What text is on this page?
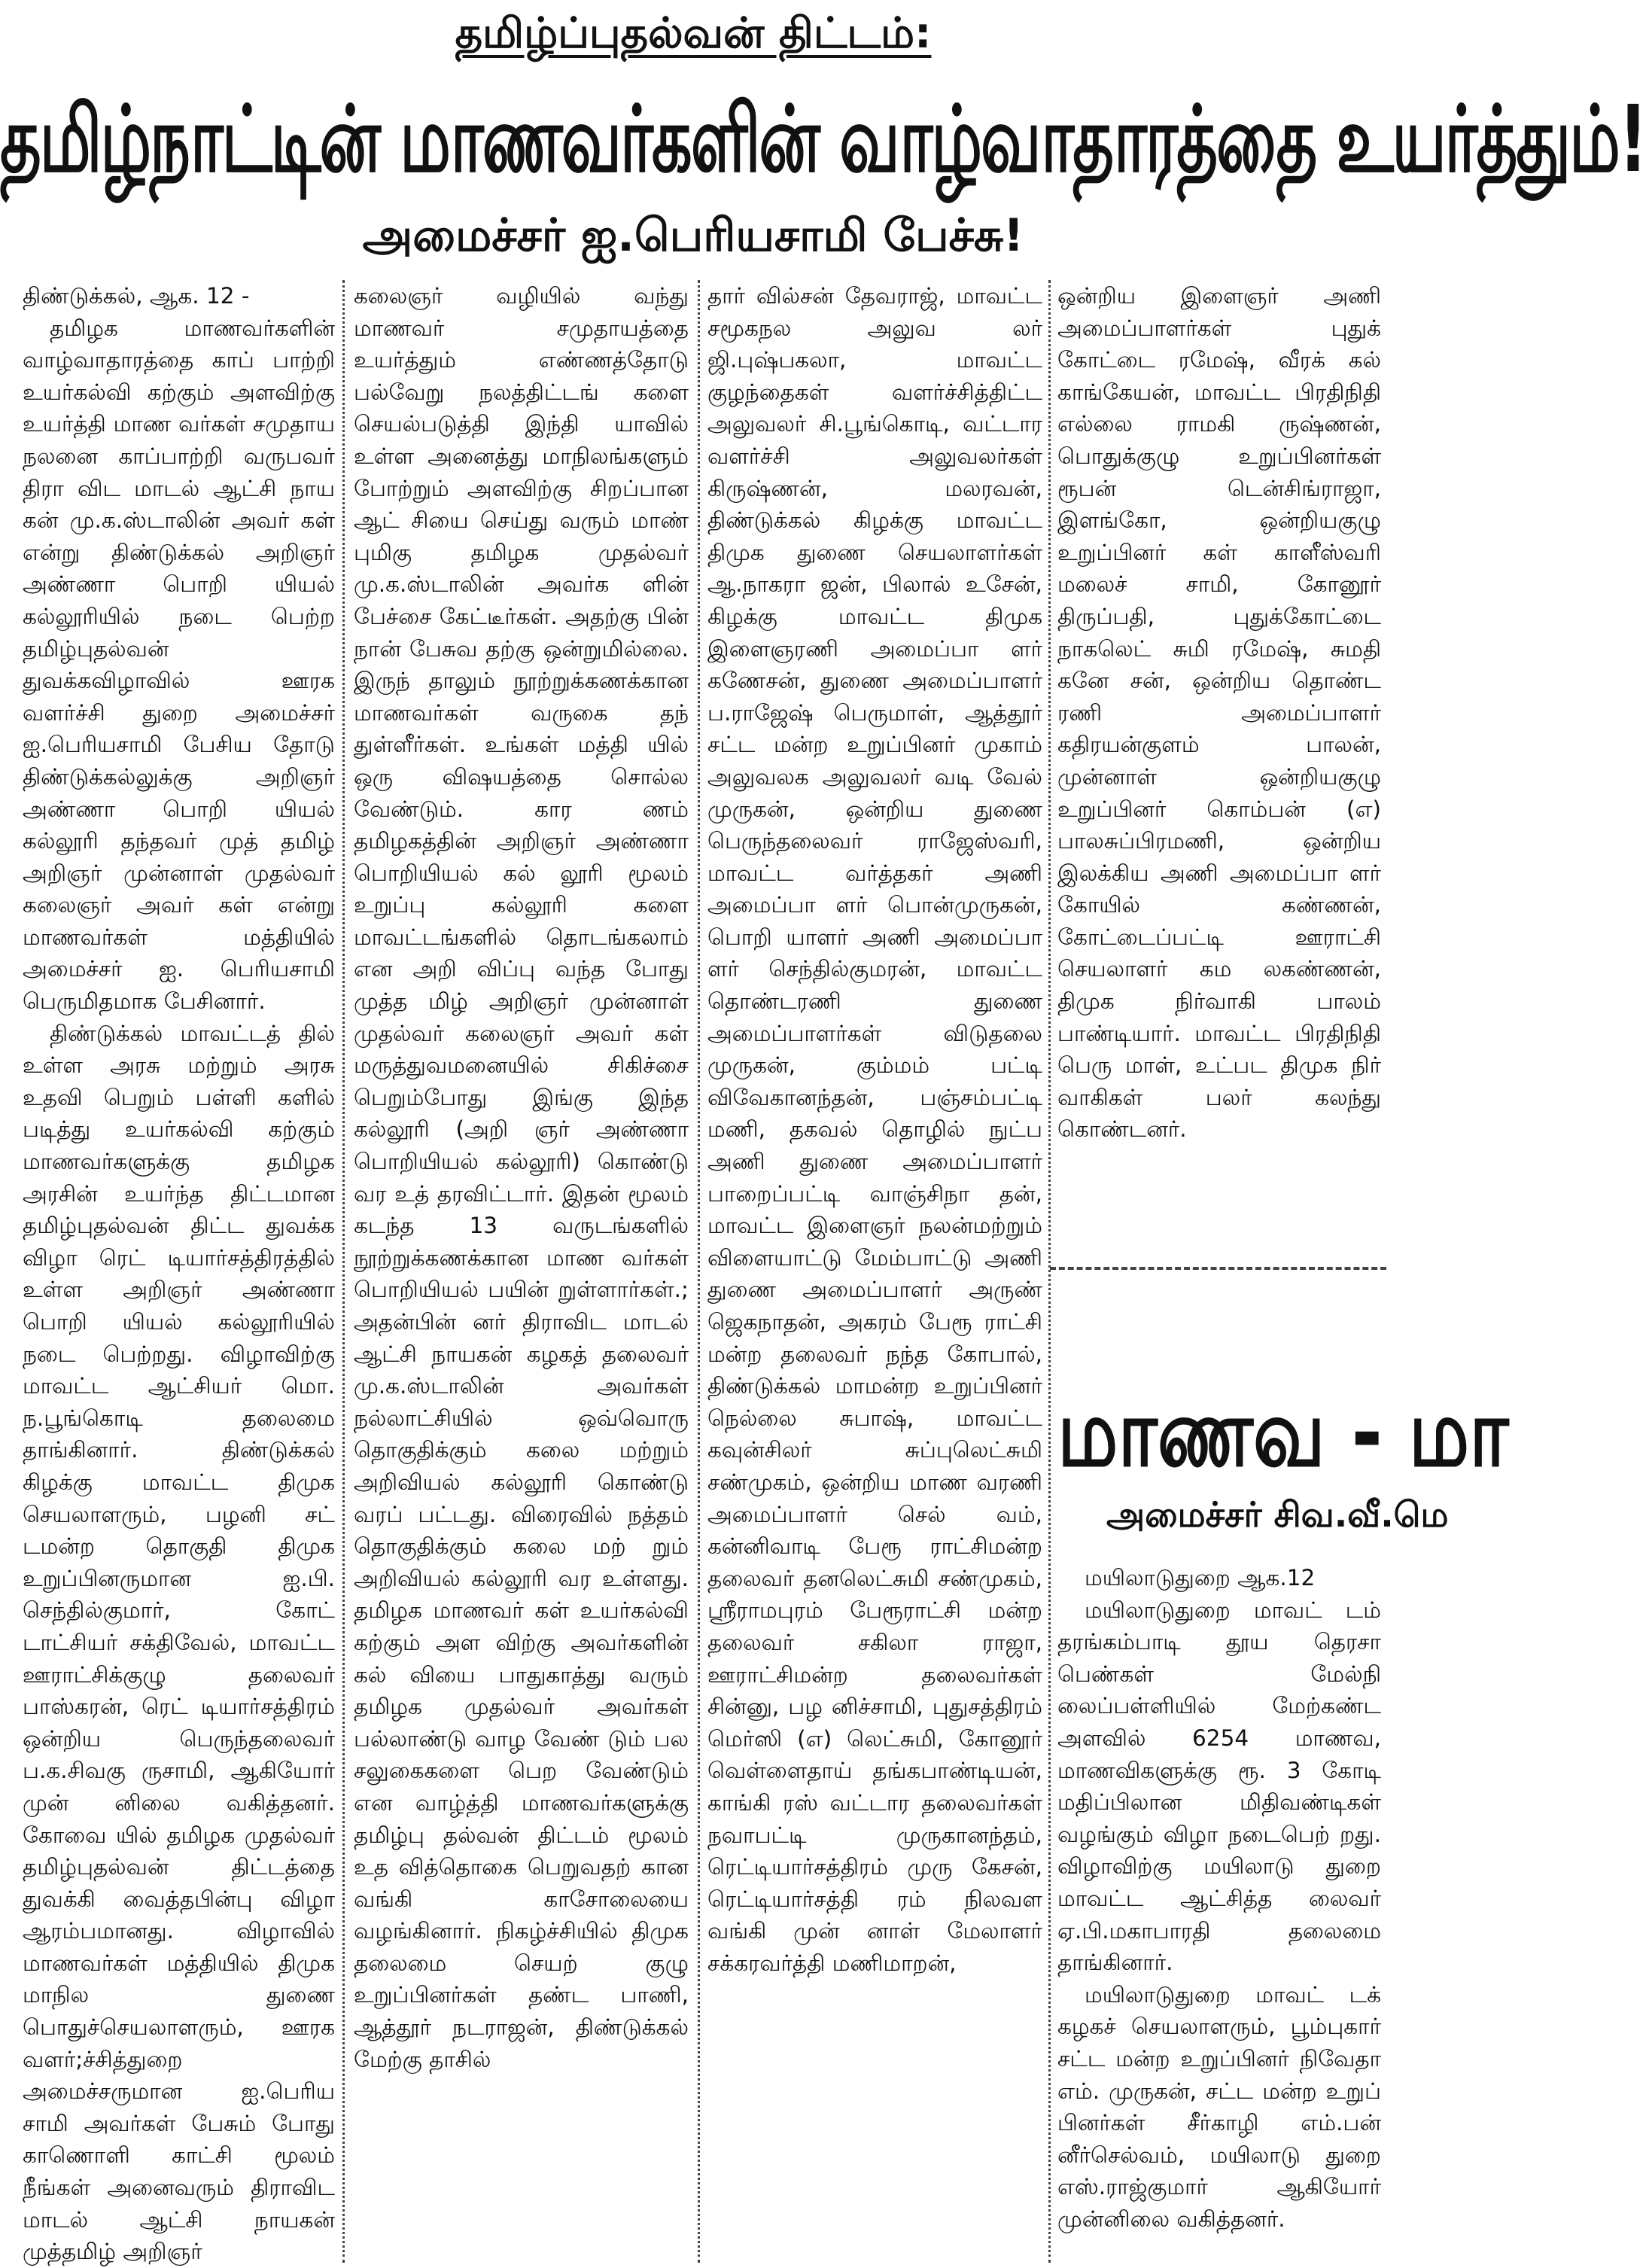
தமிழ்ப்புதல்வன் திட்டம்:
தமிழ்நாட்டின் மாணவர்களின் வாழ்வாதாரத்தை உயர்த்தும்!
அமைச்சர் ஐ.பெரியசாமி பேச்சு!

திண்டுக்கல், ஆக. 12 -

தமிழக மாணவர்களின் வாழ்வாதாரத்தை காப் பாற்றி உயர்கல்வி கற்கும் அளவிற்கு உயர்த்தி மாண வர்கள் சமுதாய நலனை காப்பாற்றி வருபவர் திரா விட மாடல் ஆட்சி நாய கன் மு.க.ஸ்டாலின் அவர் கள் என்று திண்டுக்கல் அறிஞர் அண்ணா பொறி யியல் கல்லூரியில் நடை பெற்ற தமிழ்புதல்வன் துவக்கவிழாவில் ஊரக வளர்ச்சி துறை அமைச்சர் ஐ.பெரியசாமி பேசிய தோடு திண்டுக்கல்லுக்கு அறிஞர் அண்ணா பொறி யியல் கல்லூரி தந்தவர் முத் தமிழ் அறிஞர் முன்னாள் முதல்வர் கலைஞர் அவர் கள் என்று மாணவர்கள் மத்தியில் அமைச்சர் ஐ. பெரியசாமி பெருமிதமாக பேசினார்.

திண்டுக்கல் மாவட்டத் தில் உள்ள அரசு மற்றும் அரசு உதவி பெறும் பள்ளி களில் படித்து உயர்கல்வி கற்கும் மாணவர்களுக்கு தமிழக அரசின் உயர்ந்த திட்டமான தமிழ்புதல்வன் திட்ட துவக்க விழா ரெட் டியார்சத்திரத்தில் உள்ள அறிஞர் அண்ணா பொறி யியல் கல்லூரியில் நடை பெற்றது. விழாவிற்கு மாவட்ட ஆட்சியர் மொ. ந.பூங்கொடி தலைமை தாங்கினார். திண்டுக்கல் கிழக்கு மாவட்ட திமுக செயலாளரும், பழனி சட் டமன்ற தொகுதி திமுக உறுப்பினருமான ஐ.பி. செந்தில்குமார், கோட் டாட்சியர் சக்திவேல், மாவட்ட ஊராட்சிக்குழு தலைவர் பாஸ்கரன், ரெட் டியார்சத்திரம் ஒன்றிய பெருந்தலைவர் ப.க.சிவகு ருசாமி, ஆகியோர் முன் னிலை வகித்தனர். கோவை யில் தமிழக முதல்வர் தமிழ்புதல்வன் திட்டத்தை துவக்கி வைத்தபின்பு விழா ஆரம்பமானது. விழாவில் மாணவர்கள் மத்தியில் திமுக மாநில துணை பொதுச்செயலாளரும், ஊரக வளர்;ச்சித்துறை அமைச்சருமான ஐ.பெரிய சாமி அவர்கள் பேசும் போது காணொளி காட்சி மூலம் நீங்கள் அனைவரும் திராவிட மாடல் ஆட்சி நாயகன் முத்தமிழ் அறிஞர்

கலைஞர் வழியில் வந்து மாணவர் சமுதாயத்தை உயர்த்தும் எண்ணத்தோடு பல்வேறு நலத்திட்டங் களை செயல்படுத்தி இந்தி யாவில் உள்ள அனைத்து மாநிலங்களும் போற்றும் அளவிற்கு சிறப்பான ஆட் சியை செய்து வரும் மாண் புமிகு தமிழக முதல்வர் மு.க.ஸ்டாலின் அவர்க ளின் பேச்சை கேட்டீர்கள். அதற்கு பின் நான் பேசுவ தற்கு ஒன்றுமில்லை. இருந் தாலும் நூற்றுக்கணக்கான மாணவர்கள் வருகை தந் துள்ளீர்கள். உங்கள் மத்தி யில் ஒரு விஷயத்தை சொல்ல வேண்டும். கார ணம் தமிழகத்தின் அறிஞர் அண்ணா பொறியியல் கல் லூரி மூலம் உறுப்பு கல்லூரி களை மாவட்டங்களில் தொடங்கலாம் என அறி விப்பு வந்த போது முத்த மிழ் அறிஞர் முன்னாள் முதல்வர் கலைஞர் அவர் கள் மருத்துவமனையில் சிகிச்சை பெறும்போது இங்கு இந்த கல்லூரி (அறி ஞர் அண்ணா பொறியியல் கல்லூரி) கொண்டு வர உத் தரவிட்டார். இதன் மூலம் கடந்த 13 வருடங்களில் நூற்றுக்கணக்கான மாண வர்கள் பொறியியல் பயின் றுள்ளார்கள்.; அதன்பின் னர் திராவிட மாடல் ஆட்சி நாயகன் கழகத் தலைவர் மு.க.ஸ்டாலின் அவர்கள் நல்லாட்சியில் ஒவ்வொரு தொகுதிக்கும் கலை மற்றும் அறிவியல் கல்லூரி கொண்டு வரப் பட்டது. விரைவில் நத்தம் தொகுதிக்கும் கலை மற் றும் அறிவியல் கல்லூரி வர உள்ளது. தமிழக மாணவர் கள் உயர்கல்வி கற்கும் அள விற்கு அவர்களின் கல் வியை பாதுகாத்து வரும் தமிழக முதல்வர் அவர்கள் பல்லாண்டு வாழ வேண் டும் பல சலுகைகளை பெற வேண்டும் என வாழ்த்தி மாணவர்களுக்கு தமிழ்பு தல்வன் திட்டம் மூலம் உத வித்தொகை பெறுவதற் கான வங்கி காசோலையை வழங்கினார். நிகழ்ச்சியில் திமுக தலைமை செயற் குழு உறுப்பினர்கள் தண்ட பாணி, ஆத்தூர் நடராஜன், திண்டுக்கல் மேற்கு தாசில்

தார் வில்சன் தேவராஜ், மாவட்ட சமூகநல அலுவ லர் ஜி.புஷ்பகலா, மாவட்ட குழந்தைகள் வளர்ச்சித்திட்ட அலுவலர் சி.பூங்கொடி, வட்டார வளர்ச்சி அலுவலர்கள் கிருஷ்ணன், மலரவன், திண்டுக்கல் கிழக்கு மாவட்ட திமுக துணை செயலாளர்கள் ஆ.நாகரா ஜன், பிலால் உசேன், கிழக்கு மாவட்ட திமுக இளைஞரணி அமைப்பா ளர் கணேசன், துணை அமைப்பாளர் ப.ராஜேஷ் பெருமாள், ஆத்தூர் சட்ட மன்ற உறுப்பினர் முகாம் அலுவலக அலுவலர் வடி வேல் முருகன், ஒன்றிய துணை பெருந்தலைவர் ராஜேஸ்வரி, மாவட்ட வர்த்தகர் அணி அமைப்பா ளர் பொன்முருகன், பொறி யாளர் அணி அமைப்பா ளர் செந்தில்குமரன், மாவட்ட தொண்டரணி துணை அமைப்பாளர்கள் விடுதலை முருகன், கும்மம் பட்டி விவேகானந்தன், பஞ்சம்பட்டி மணி, தகவல் தொழில் நுட்ப அணி துணை அமைப்பாளர் பாறைப்பட்டி வாஞ்சிநா தன், மாவட்ட இளைஞர் நலன்மற்றும் விளையாட்டு மேம்பாட்டு அணி துணை அமைப்பாளர் அருண் ஜெகநாதன், அகரம் பேரூ ராட்சி மன்ற தலைவர் நந்த கோபால், திண்டுக்கல் மாமன்ற உறுப்பினர் நெல்லை சுபாஷ், மாவட்ட கவுன்சிலர் சுப்புலெட்சுமி சண்முகம், ஒன்றிய மாண வரணி அமைப்பாளர் செல் வம், கன்னிவாடி பேரூ ராட்சிமன்ற தலைவர் தனலெட்சுமி சண்முகம், ஸ்ரீராமபுரம் பேரூராட்சி மன்ற தலைவர் சகிலா ராஜா, ஊராட்சிமன்ற தலைவர்கள் சின்னு, பழ னிச்சாமி, புதுசத்திரம் மெர்ஸி (எ) லெட்சுமி, கோனூர் வெள்ளைதாய் தங்கபாண்டியன், காங்கி ரஸ் வட்டார தலைவர்கள் நவாபட்டி முருகானந்தம், ரெட்டியார்சத்திரம் முரு கேசன், ரெட்டியார்சத்தி ரம் நிலவள வங்கி முன் னாள் மேலாளர் சக்கரவர்த்தி மணிமாறன்,

ஒன்றிய இளைஞர் அணி அமைப்பாளர்கள் புதுக் கோட்டை ரமேஷ், வீரக் கல் காங்கேயன், மாவட்ட பிரதிநிதி எல்லை ராமகி ருஷ்ணன், பொதுக்குழு உறுப்பினர்கள் ரூபன் டென்சிங்ராஜா, இளங்கோ, ஒன்றியகுழு உறுப்பினர் கள் காளீஸ்வரி மலைச் சாமி, கோனூர் திருப்பதி, புதுக்கோட்டை நாகலெட் சுமி ரமேஷ், சுமதி கனே சன், ஒன்றிய தொண்ட ரணி அமைப்பாளர் கதிரயன்குளம் பாலன், முன்னாள் ஒன்றியகுழு உறுப்பினர் கொம்பன் (எ) பாலசுப்பிரமணி, ஒன்றிய இலக்கிய அணி அமைப்பா ளர் கோயில் கண்ணன், கோட்டைப்பட்டி ஊராட்சி செயலாளர் கம லகண்ணன், திமுக நிர்வாகி பாலம் பாண்டியார். மாவட்ட பிரதிநிதி பெரு மாள், உட்பட திமுக நிர் வாகிகள் பலர் கலந்து கொண்டனர்.

மாணவ - மா
அமைச்சர் சிவ.வீ.மெ

மயிலாடுதுறை ஆக.12

மயிலாடுதுறை மாவட் டம் தரங்கம்பாடி தூய தெரசா பெண்கள் மேல்நி லைப்பள்ளியில் மேற்கண்ட அளவில் 6254 மாணவ, மாணவிகளுக்கு ரூ. 3 கோடி மதிப்பிலான மிதிவண்டிகள் வழங்கும் விழா நடைபெற் றது. விழாவிற்கு மயிலாடு துறை மாவட்ட ஆட்சித்த லைவர் ஏ.பி.மகாபாரதி தலைமை தாங்கினார்.

மயிலாடுதுறை மாவட் டக் கழகச் செயலாளரும், பூம்புகார் சட்ட மன்ற உறுப்பினர் நிவேதா எம். முருகன், சட்ட மன்ற உறுப் பினர்கள் சீர்காழி எம்.பன் னீர்செல்வம், மயிலாடு துறை எஸ்.ராஜ்குமார் ஆகியோர் முன்னிலை வகித்தனர்.
